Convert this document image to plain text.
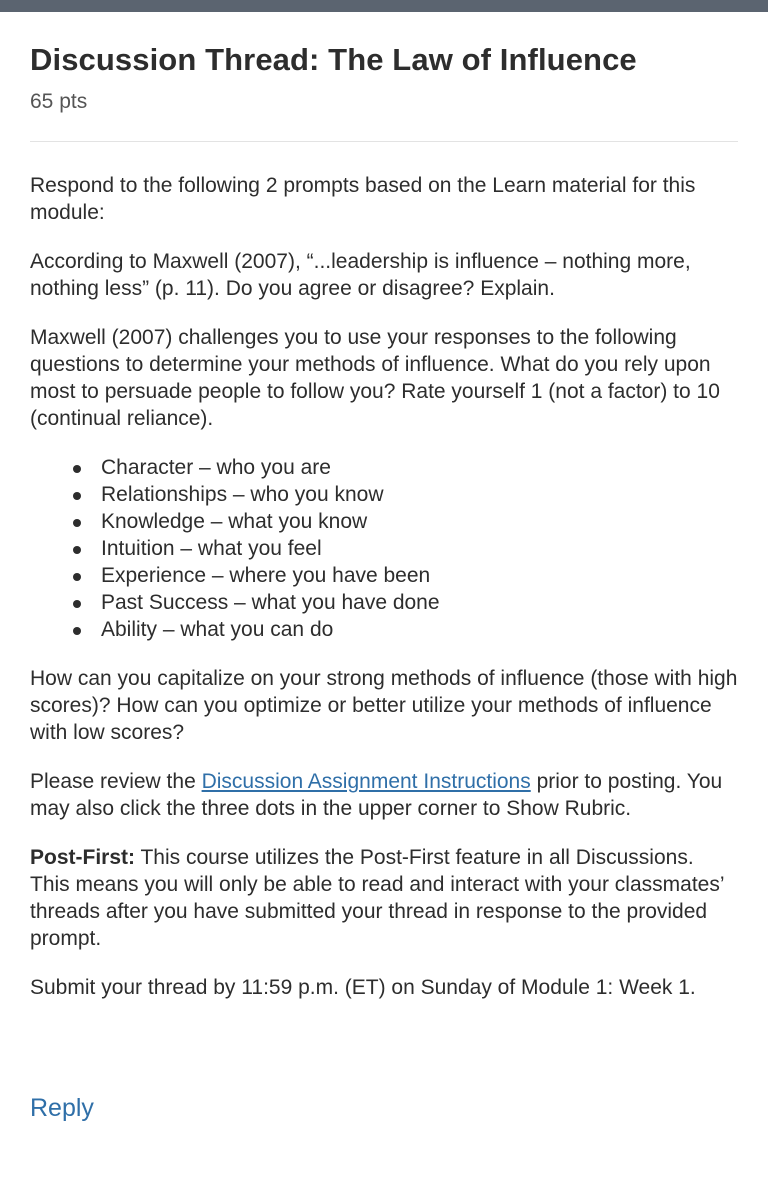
Discussion Thread: The Law of Influence
65 pts

Respond to the following 2 prompts based on the Learn material for this module:

According to Maxwell (2007), “...leadership is influence – nothing more, nothing less” (p. 11). Do you agree or disagree? Explain.

Maxwell (2007) challenges you to use your responses to the following questions to determine your methods of influence. What do you rely upon most to persuade people to follow you? Rate yourself 1 (not a factor) to 10 (continual reliance).

Character – who you are
Relationships – who you know
Knowledge – what you know
Intuition – what you feel
Experience – where you have been
Past Success – what you have done
Ability – what you can do

How can you capitalize on your strong methods of influence (those with high scores)? How can you optimize or better utilize your methods of influence with low scores?

Please review the Discussion Assignment Instructions prior to posting. You may also click the three dots in the upper corner to Show Rubric.

Post-First: This course utilizes the Post-First feature in all Discussions. This means you will only be able to read and interact with your classmates’ threads after you have submitted your thread in response to the provided prompt.

Submit your thread by 11:59 p.m. (ET) on Sunday of Module 1: Week 1.

Reply
